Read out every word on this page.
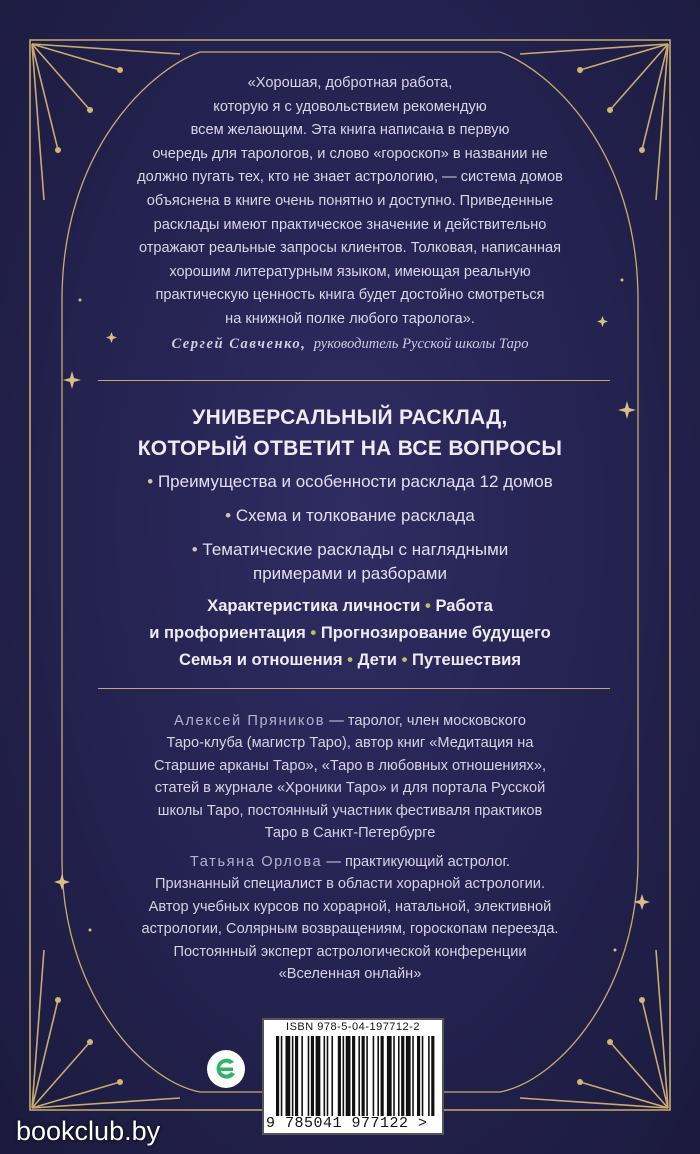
«Хорошая, добротная работа,
которую я с удовольствием рекомендую
всем желающим. Эта книга написана в первую
очередь для тарологов, и слово «гороскоп» в названии не
должно пугать тех, кто не знает астрологию, — система домов
объяснена в книге очень понятно и доступно. Приведенные
расклады имеют практическое значение и действительно
отражают реальные запросы клиентов. Толковая, написанная
хорошим литературным языком, имеющая реальную
практическую ценность книга будет достойно смотреться
на книжной полке любого таролога».
Сергей Савченко, руководитель Русской школы Таро
УНИВЕРСАЛЬНЫЙ РАСКЛАД,
КОТОРЫЙ ОТВЕТИТ НА ВСЕ ВОПРОСЫ
• Преимущества и особенности расклада 12 домов
• Схема и толкование расклада
• Тематические расклады с наглядными
примерами и разборами
Характеристика личности • Работа
и профориентация • Прогнозирование будущего
Семья и отношения • Дети • Путешествия
Алексей Пряников — таролог, член московского
Таро-клуба (магистр Таро), автор книг «Медитация на
Старшие арканы Таро», «Таро в любовных отношениях»,
статей в журнале «Хроники Таро» и для портала Русской
школы Таро, постоянный участник фестиваля практиков
Таро в Санкт-Петербурге
Татьяна Орлова — практикующий астролог.
Признанный специалист в области хорарной астрологии.
Автор учебных курсов по хорарной, натальной, элективной
астрологии, Солярным возвращениям, гороскопам переезда.
Постоянный эксперт астрологической конференции
«Вселенная онлайн»
ISBN 978-5-04-197712-2
9 785041 977122 >
bookclub.by
